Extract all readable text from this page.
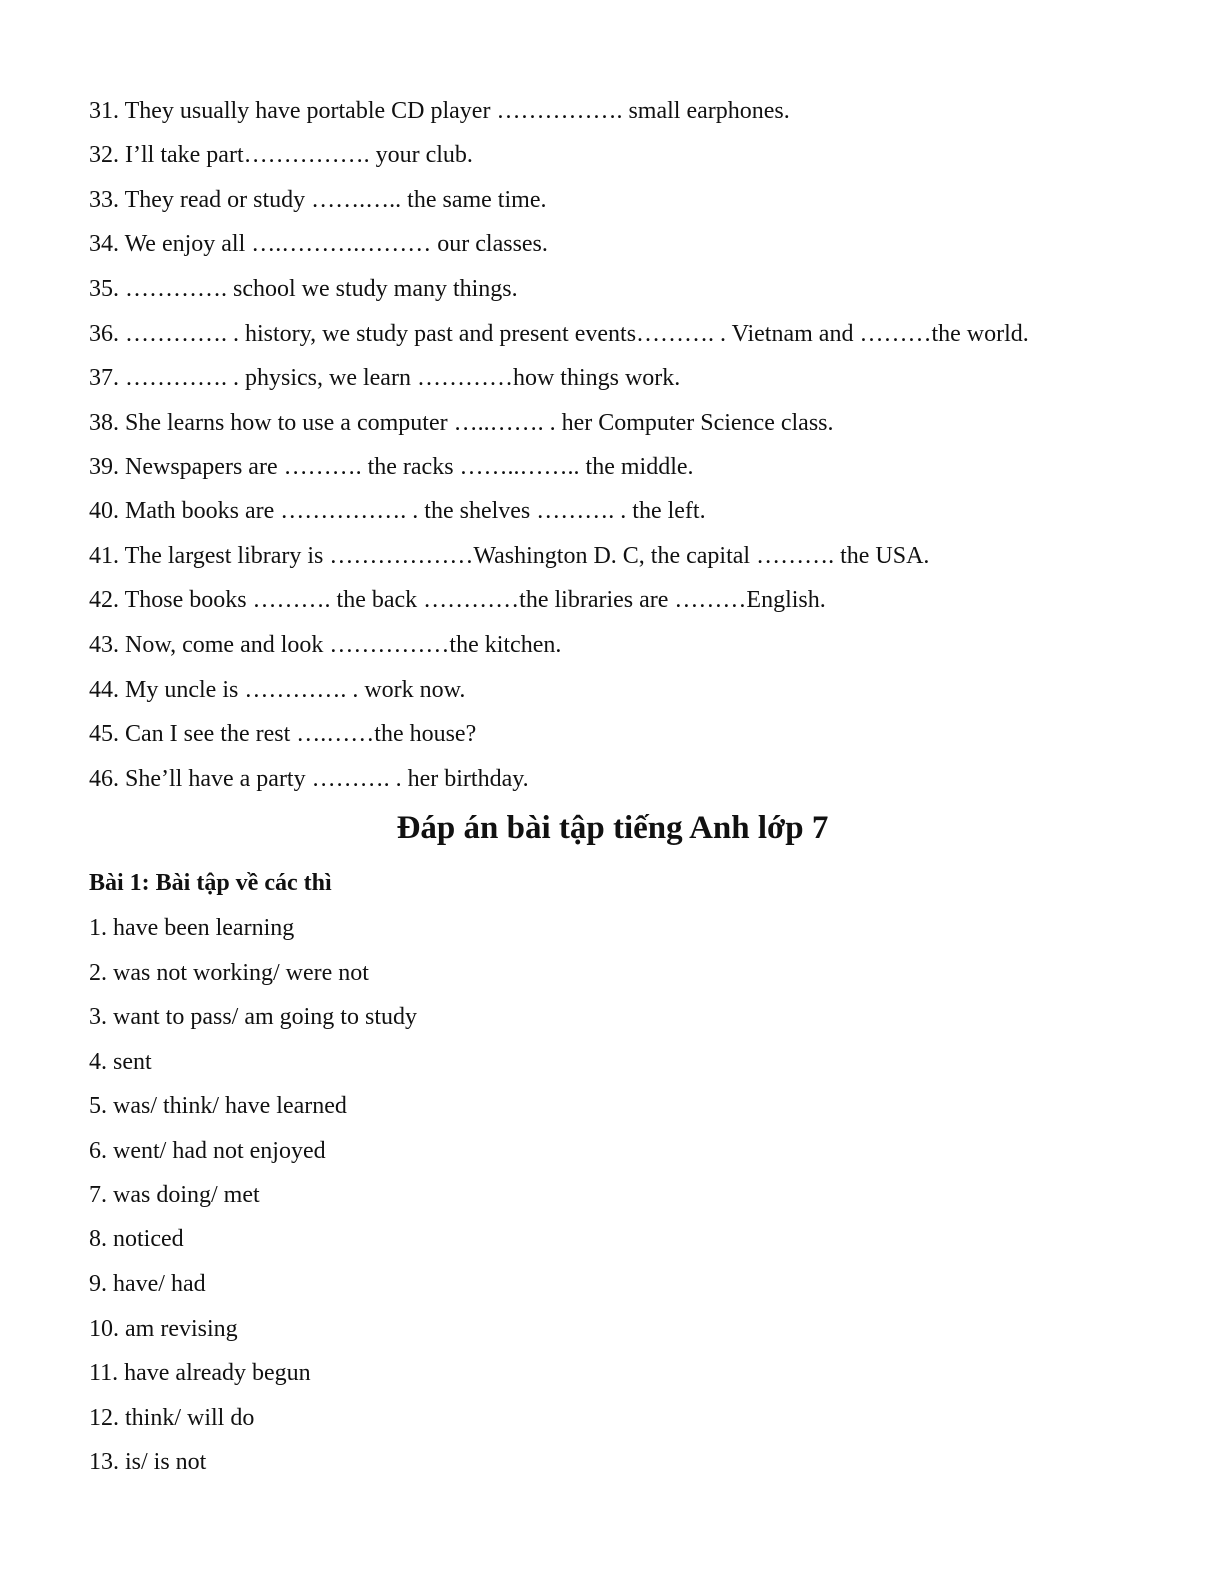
31. They usually have portable CD player ……………. small earphones.
32. I’ll take part……………. your club.
33. They read or study …….….. the same time.
34. We enjoy all ….……….……… our classes.
35. …………. school we study many things.
36. …………. . history, we study past and present events………. . Vietnam and ………the world.
37. …………. . physics, we learn …………how things work.
38. She learns how to use a computer …..……. . her Computer Science class.
39. Newspapers are ………. the racks ……..…….. the middle.
40. Math books are ……………. . the shelves ………. . the left.
41. The largest library is ………………Washington D. C, the capital ………. the USA.
42. Those books ………. the back …………the libraries are ………English.
43. Now, come and look ……………the kitchen.
44. My uncle is …………. . work now.
45. Can I see the rest ….……the house?
46. She’ll have a party ………. . her birthday.
Đáp án bài tập tiếng Anh lớp 7
Bài 1: Bài tập về các thì
1. have been learning
2. was not working/ were not
3. want to pass/ am going to study
4. sent
5. was/ think/ have learned
6. went/ had not enjoyed
7. was doing/ met
8. noticed
9. have/ had
10. am revising
11. have already begun
12. think/ will do
13. is/ is not
